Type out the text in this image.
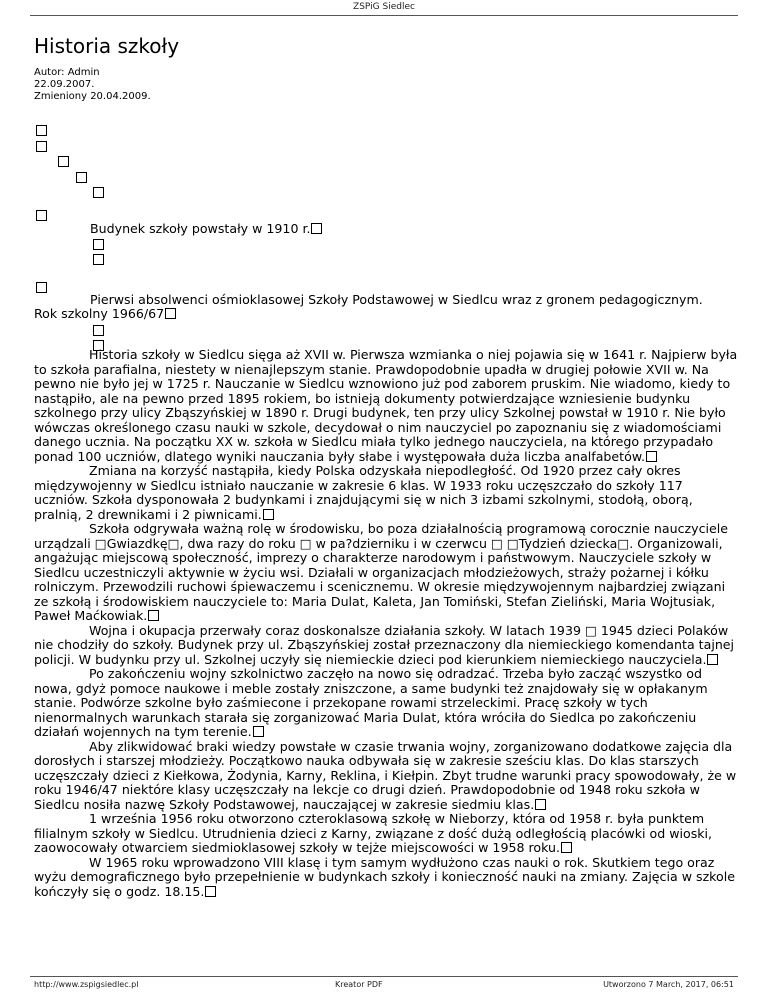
ZSPiG Siedlec
Historia szkoły
Autor: Admin
22.09.2007.
Zmieniony 20.04.2009.
Budynek szkoły powstały w 1910 r.
Pierwsi absolwenci ośmioklasowej Szkoły Podstawowej w Siedlcu wraz z gronem pedagogicznym.
Rok szkolny 1966/67

Historia szkoły w Siedlcu sięga aż XVII w. Pierwsza wzmianka o niej pojawia się w 1641 r. Najpierw była to szkoła parafialna, niestety w nienajlepszym stanie. Prawdopodobnie upadła w drugiej połowie XVII w. Na pewno nie było jej w 1725 r. Nauczanie w Siedlcu wznowiono już pod zaborem pruskim. Nie wiadomo, kiedy to nastąpiło, ale na pewno przed 1895 rokiem, bo istnieją dokumenty potwierdzające wzniesienie budynku szkolnego przy ulicy Zbąszyńskiej w 1890 r. Drugi budynek, ten przy ulicy Szkolnej powstał w 1910 r. Nie było wówczas określonego czasu nauki w szkole, decydował o nim nauczyciel po zapoznaniu się z wiadomościami danego ucznia. Na początku XX w. szkoła w Siedlcu miała tylko jednego nauczyciela, na którego przypadało ponad 100 uczniów, dlatego wyniki nauczania były słabe i występowała duża liczba analfabetów.

Zmiana na korzyść nastąpiła, kiedy Polska odzyskała niepodległość. Od 1920 przez cały okres międzywojenny w Siedlcu istniało nauczanie w zakresie 6 klas. W 1933 roku uczęszczało do szkoły 117 uczniów. Szkoła dysponowała 2 budynkami i znajdującymi się w nich 3 izbami szkolnymi, stodołą, oborą, pralnią, 2 drewnikami i 2 piwnicami.

Szkoła odgrywała ważną rolę w środowisku, bo poza działalnością programową corocznie nauczyciele urządzali □Gwiazdkę□, dwa razy do roku □ w pa?dzierniku i w czerwcu □ □Tydzień dziecka□. Organizowali, angażując miejscową społeczność, imprezy o charakterze narodowym i państwowym. Nauczyciele szkoły w Siedlcu uczestniczyli aktywnie w życiu wsi. Działali w organizacjach młodzieżowych, straży pożarnej i kółku rolniczym. Przewodzili ruchowi śpiewaczemu i scenicznemu. W okresie międzywojennym najbardziej związani ze szkołą i środowiskiem nauczyciele to: Maria Dulat, Kaleta, Jan Tomiński, Stefan Zieliński, Maria Wojtusiak, Paweł Maćkowiak.

Wojna i okupacja przerwały coraz doskonalsze działania szkoły. W latach 1939 □ 1945 dzieci Polaków nie chodziły do szkoły. Budynek przy ul. Zbąszyńskiej został przeznaczony dla niemieckiego komendanta tajnej policji. W budynku przy ul. Szkolnej uczyły się niemieckie dzieci pod kierunkiem niemieckiego nauczyciela.

Po zakończeniu wojny szkolnictwo zaczęło na nowo się odradzać. Trzeba było zacząć wszystko od nowa, gdyż pomoce naukowe i meble zostały zniszczone, a same budynki też znajdowały się w opłakanym stanie. Podwórze szkolne było zaśmiecone i przekopane rowami strzeleckimi. Pracę szkoły w tych nienormalnych warunkach starała się zorganizować Maria Dulat, która wróciła do Siedlca po zakończeniu działań wojennych na tym terenie.

Aby zlikwidować braki wiedzy powstałe w czasie trwania wojny, zorganizowano dodatkowe zajęcia dla dorosłych i starszej młodzieży. Początkowo nauka odbywała się w zakresie sześciu klas. Do klas starszych uczęszczały dzieci z Kiełkowa, Żodynia, Karny, Reklina, i Kiełpin. Zbyt trudne warunki pracy spowodowały, że w roku 1946/47 niektóre klasy uczęszczały na lekcje co drugi dzień. Prawdopodobnie od 1948 roku szkoła w Siedlcu nosiła nazwę Szkoły Podstawowej, nauczającej w zakresie siedmiu klas.

1 września 1956 roku otworzono czteroklasową szkołę w Nieborzy, która od 1958 r. była punktem filialnym szkoły w Siedlcu. Utrudnienia dzieci z Karny, związane z dość dużą odległością placówki od wioski, zaowocowały otwarciem siedmioklasowej szkoły w tejże miejscowości w 1958 roku.

W 1965 roku wprowadzono VIII klasę i tym samym wydłużono czas nauki o rok. Skutkiem tego oraz wyżu demograficznego było przepełnienie w budynkach szkoły i konieczność nauki na zmiany. Zajęcia w szkole kończyły się o godz. 18.15.

http://www.zspigsiedlec.pl	Kreator PDF	Utworzono 7 March, 2017, 06:51
